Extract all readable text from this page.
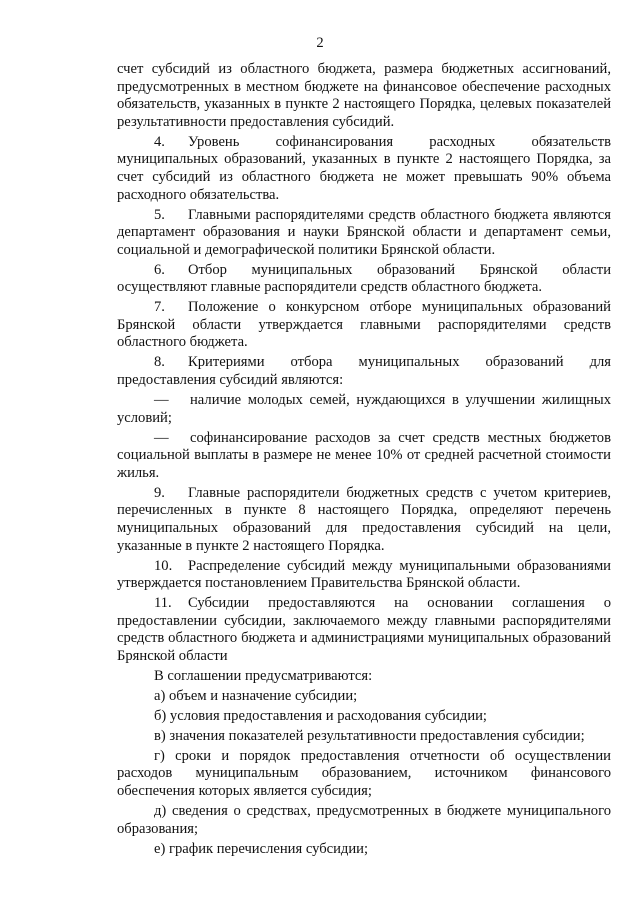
2

счет субсидий из областного бюджета, размера бюджетных ассигнований, предусмотренных в местном бюджете на финансовое обеспечение расходных обязательств, указанных в пункте 2 настоящего Порядка, целевых показателей результативности предоставления субсидий.

4. Уровень софинансирования расходных обязательств муниципальных образований, указанных в пункте 2 настоящего Порядка, за счет субсидий из областного бюджета не может превышать 90% объема расходного обязательства.

5. Главными распорядителями средств областного бюджета являются департамент образования и науки Брянской области и департамент семьи, социальной и демографической политики Брянской области.

6. Отбор муниципальных образований Брянской области осуществляют главные распорядители средств областного бюджета.

7. Положение о конкурсном отборе муниципальных образований Брянской области утверждается главными распорядителями средств областного бюджета.

8. Критериями отбора муниципальных образований для предоставления субсидий являются:

— наличие молодых семей, нуждающихся в улучшении жилищных условий;

— софинансирование расходов за счет средств местных бюджетов социальной выплаты в размере не менее 10% от средней расчетной стоимости жилья.

9. Главные распорядители бюджетных средств с учетом критериев, перечисленных в пункте 8 настоящего Порядка, определяют перечень муниципальных образований для предоставления субсидий на цели, указанные в пункте 2 настоящего Порядка.

10. Распределение субсидий между муниципальными образованиями утверждается постановлением Правительства Брянской области.

11. Субсидии предоставляются на основании соглашения о предоставлении субсидии, заключаемого между главными распорядителями средств областного бюджета и администрациями муниципальных образований Брянской области

В соглашении предусматриваются:

а) объем и назначение субсидии;

б) условия предоставления и расходования субсидии;

в) значения показателей результативности предоставления субсидии;

г) сроки и порядок предоставления отчетности об осуществлении расходов муниципальным образованием, источником финансового обеспечения которых является субсидия;

д) сведения о средствах, предусмотренных в бюджете муниципального образования;

е) график перечисления субсидии;
